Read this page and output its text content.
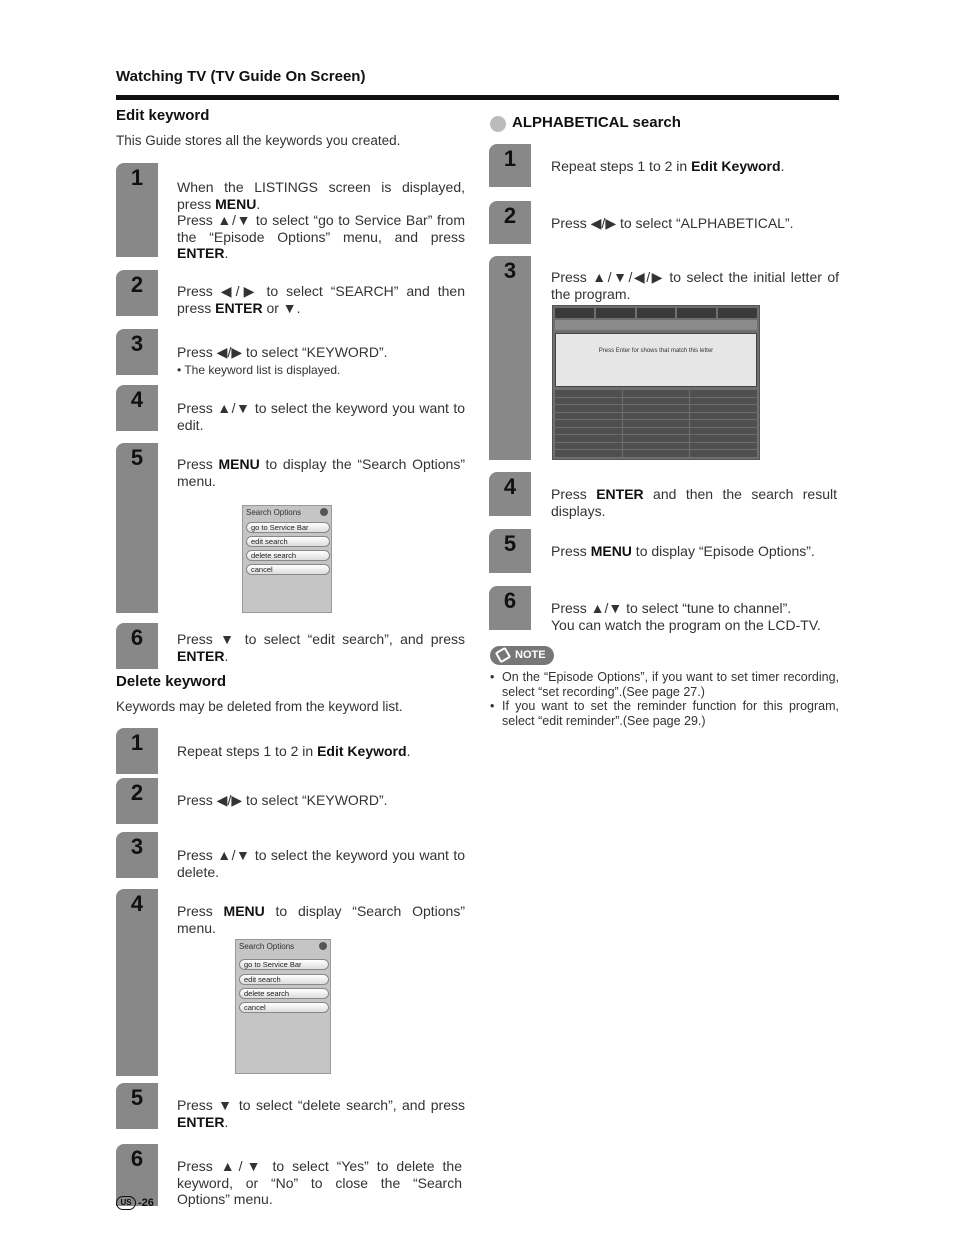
Watching TV (TV Guide On Screen)
Edit keyword
This Guide stores all the keywords you created.
1	When the LISTINGS screen is displayed, press MENU.
Press ▲/▼ to select “go to Service Bar” from the “Episode Options” menu, and press ENTER.
2	Press ◀/▶ to select “SEARCH” and then press ENTER or ▼.
3	Press ◀/▶ to select “KEYWORD”.
• The keyword list is displayed.
4	Press ▲/▼ to select the keyword you want to edit.
5	Press MENU to display the “Search Options” menu.
Search Options
go to Service Bar
edit search
delete search
cancel
6	Press ▼ to select “edit search”, and press ENTER.
Delete keyword
Keywords may be deleted from the keyword list.
1	Repeat steps 1 to 2 in Edit Keyword.
2	Press ◀/▶ to select “KEYWORD”.
3	Press ▲/▼ to select the keyword you want to delete.
4	Press MENU to display “Search Options” menu.
Search Options
go to Service Bar
edit search
delete search
cancel
5	Press ▼ to select “delete search”, and press ENTER.
6	Press ▲/▼ to select “Yes” to delete the keyword, or “No” to close the “Search Options” menu.
ALPHABETICAL search
1	Repeat steps 1 to 2 in Edit Keyword.
2	Press ◀/▶ to select “ALPHABETICAL”.
3	Press ▲/▼/◀/▶ to select the initial letter of the program.
Press Enter for shows that match this letter
4	Press ENTER and then the search result displays.
5	Press MENU to display “Episode Options”.
6	Press ▲/▼ to select “tune to channel”.
You can watch the program on the LCD-TV.
NOTE
• On the “Episode Options”, if you want to set timer recording, select “set recording”.(See page 27.)
• If you want to set the reminder function for this program, select “edit reminder”.(See page 29.)
US -26
